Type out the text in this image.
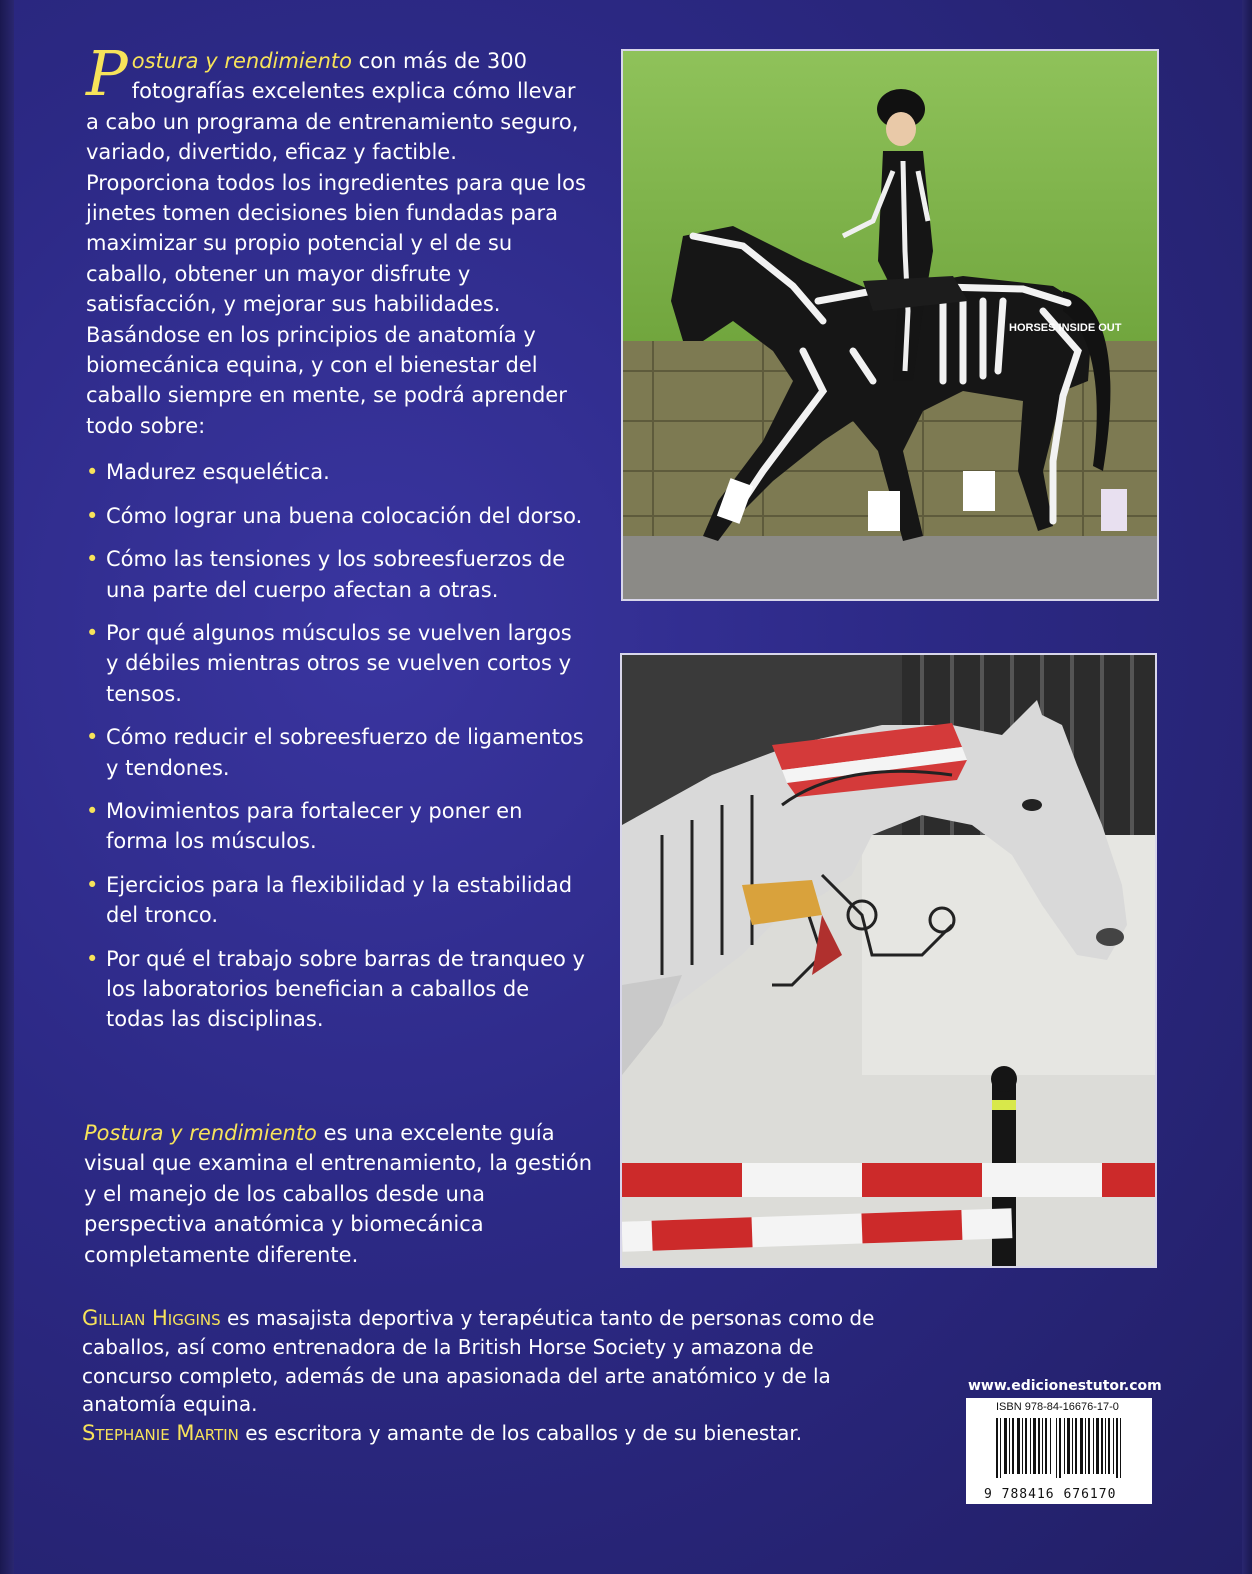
Postura y rendimiento con más de 300 fotografías excelentes explica cómo llevar a cabo un programa de entrenamiento seguro, variado, divertido, eficaz y factible. Proporciona todos los ingredientes para que los jinetes tomen decisiones bien fundadas para maximizar su propio potencial y el de su caballo, obtener un mayor disfrute y satisfacción, y mejorar sus habilidades. Basándose en los principios de anatomía y biomecánica equina, y con el bienestar del caballo siempre en mente, se podrá aprender todo sobre:

• Madurez esquelética.
• Cómo lograr una buena colocación del dorso.
• Cómo las tensiones y los sobreesfuerzos de una parte del cuerpo afectan a otras.
• Por qué algunos músculos se vuelven largos y débiles mientras otros se vuelven cortos y tensos.
• Cómo reducir el sobreesfuerzo de ligamentos y tendones.
• Movimientos para fortalecer y poner en forma los músculos.
• Ejercicios para la flexibilidad y la estabilidad del tronco.
• Por qué el trabajo sobre barras de tranqueo y los laboratorios benefician a caballos de todas las disciplinas.

Postura y rendimiento es una excelente guía visual que examina el entrenamiento, la gestión y el manejo de los caballos desde una perspectiva anatómica y biomecánica completamente diferente.

Gillian Higgins es masajista deportiva y terapéutica tanto de personas como de caballos, así como entrenadora de la British Horse Society y amazona de concurso completo, además de una apasionada del arte anatómico y de la anatomía equina.
Stephanie Martin es escritora y amante de los caballos y de su bienestar.

HORSES INSIDE OUT
www.edicionestutor.com
ISBN 978-84-16676-17-0
9 788416 676170
